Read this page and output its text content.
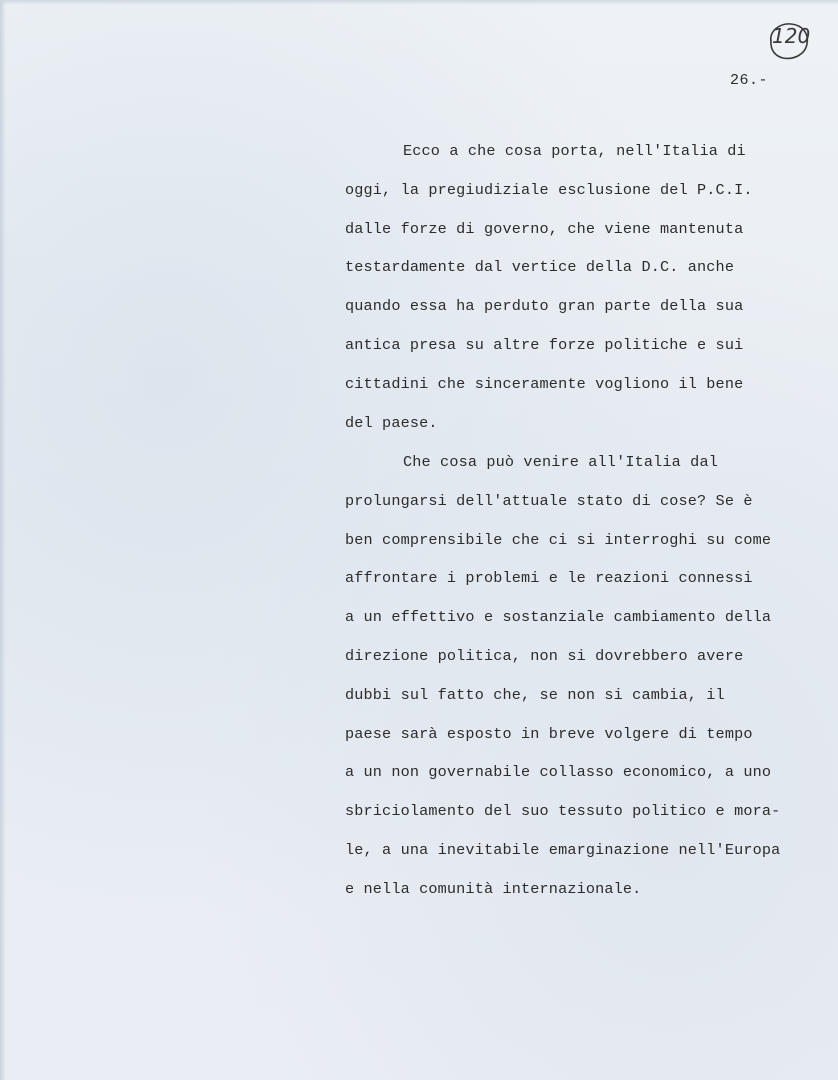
120
26.-
Ecco a che cosa porta, nell'Italia di
oggi, la pregiudiziale esclusione del P.C.I.
dalle forze di governo, che viene mantenuta
testardamente dal vertice della D.C. anche
quando essa ha perduto gran parte della sua
antica presa su altre forze politiche e sui
cittadini che sinceramente vogliono il bene
del paese.
Che cosa può venire all'Italia dal
prolungarsi dell'attuale stato di cose? Se è
ben comprensibile che ci si interroghi su come
affrontare i problemi e le reazioni connessi
a un effettivo e sostanziale cambiamento della
direzione politica, non si dovrebbero avere
dubbi sul fatto che, se non si cambia, il
paese sarà esposto in breve volgere di tempo
a un non governabile collasso economico, a uno
sbriciolamento del suo tessuto politico e mora-
le, a una inevitabile emarginazione nell'Europa
e nella comunità internazionale.
